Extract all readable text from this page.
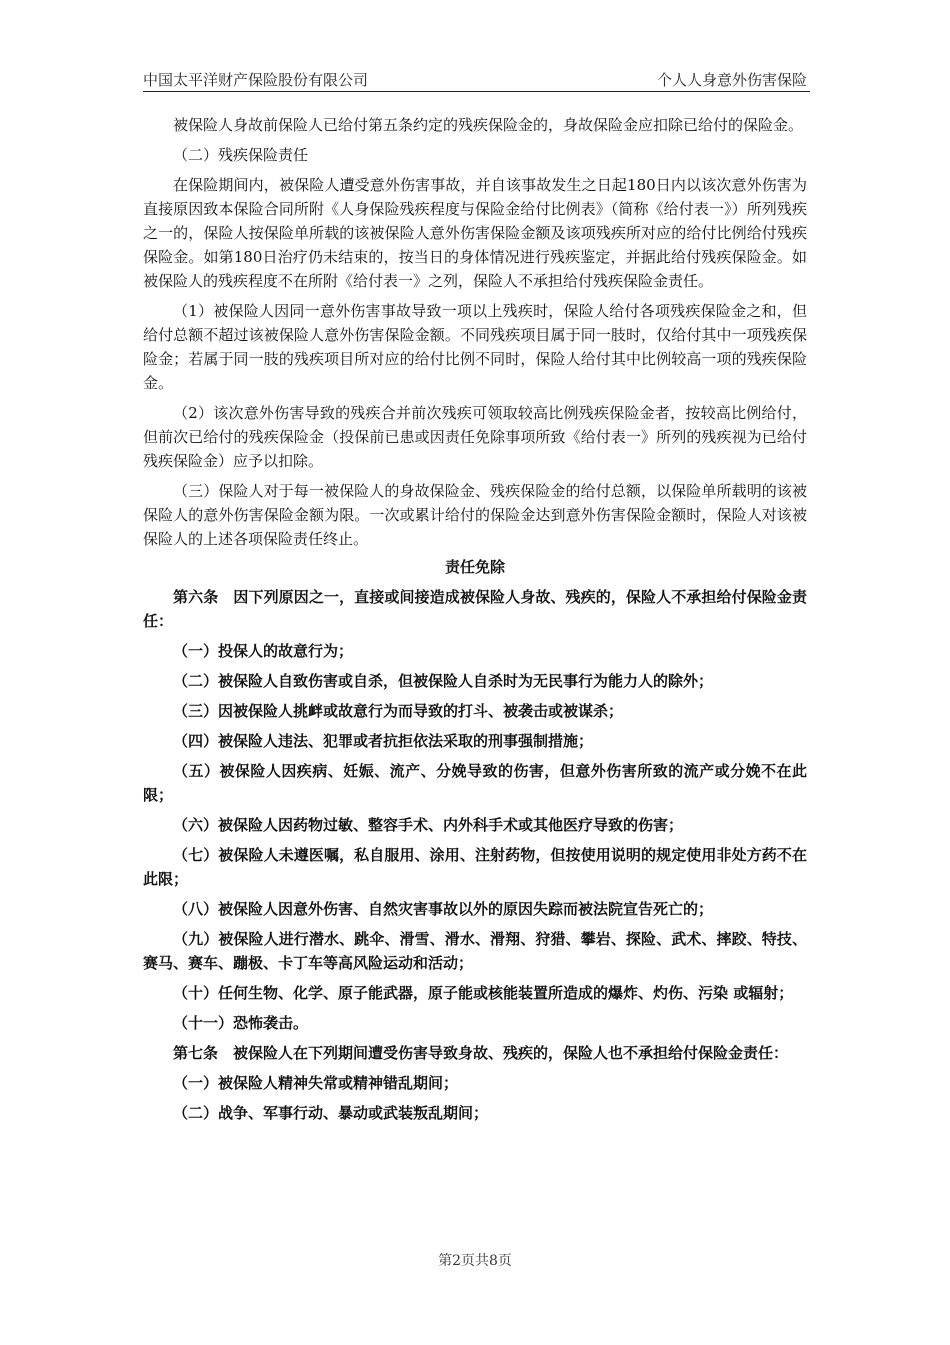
中国太平洋财产保险股份有限公司	个人人身意外伤害保险

被保险人身故前保险人已给付第五条约定的残疾保险金的，身故保险金应扣除已给付的保险金。

（二）残疾保险责任

在保险期间内，被保险人遭受意外伤害事故，并自该事故发生之日起180日内以该次意外伤害为直接原因致本保险合同所附《人身保险残疾程度与保险金给付比例表》（简称《给付表一》）所列残疾之一的，保险人按保险单所载的该被保险人意外伤害保险金额及该项残疾所对应的给付比例给付残疾保险金。如第180日治疗仍未结束的，按当日的身体情况进行残疾鉴定，并据此给付残疾保险金。如被保险人的残疾程度不在所附《给付表一》之列，保险人不承担给付残疾保险金责任。

（1）被保险人因同一意外伤害事故导致一项以上残疾时，保险人给付各项残疾保险金之和，但给付总额不超过该被保险人意外伤害保险金额。不同残疾项目属于同一肢时，仅给付其中一项残疾保险金；若属于同一肢的残疾项目所对应的给付比例不同时，保险人给付其中比例较高一项的残疾保险金。

（2）该次意外伤害导致的残疾合并前次残疾可领取较高比例残疾保险金者，按较高比例给付，但前次已给付的残疾保险金（投保前已患或因责任免除事项所致《给付表一》所列的残疾视为已给付残疾保险金）应予以扣除。

（三）保险人对于每一被保险人的身故保险金、残疾保险金的给付总额，以保险单所载明的该被保险人的意外伤害保险金额为限。一次或累计给付的保险金达到意外伤害保险金额时，保险人对该被保险人的上述各项保险责任终止。

责任免除

第六条　因下列原因之一，直接或间接造成被保险人身故、残疾的，保险人不承担给付保险金责任：

（一）投保人的故意行为；

（二）被保险人自致伤害或自杀，但被保险人自杀时为无民事行为能力人的除外；

（三）因被保险人挑衅或故意行为而导致的打斗、被袭击或被谋杀；

（四）被保险人违法、犯罪或者抗拒依法采取的刑事强制措施；

（五）被保险人因疾病、妊娠、流产、分娩导致的伤害，但意外伤害所致的流产或分娩不在此限；

（六）被保险人因药物过敏、整容手术、内外科手术或其他医疗导致的伤害；

（七）被保险人未遵医嘱，私自服用、涂用、注射药物，但按使用说明的规定使用非处方药不在此限；

（八）被保险人因意外伤害、自然灾害事故以外的原因失踪而被法院宣告死亡的；

（九）被保险人进行潜水、跳伞、滑雪、滑水、滑翔、狩猎、攀岩、探险、武术、摔跤、特技、赛马、赛车、蹦极、卡丁车等高风险运动和活动；

（十）任何生物、化学、原子能武器，原子能或核能装置所造成的爆炸、灼伤、污染 或辐射；

（十一）恐怖袭击。

第七条　被保险人在下列期间遭受伤害导致身故、残疾的，保险人也不承担给付保险金责任：

（一）被保险人精神失常或精神错乱期间；

（二）战争、军事行动、暴动或武装叛乱期间；

第2页共8页
